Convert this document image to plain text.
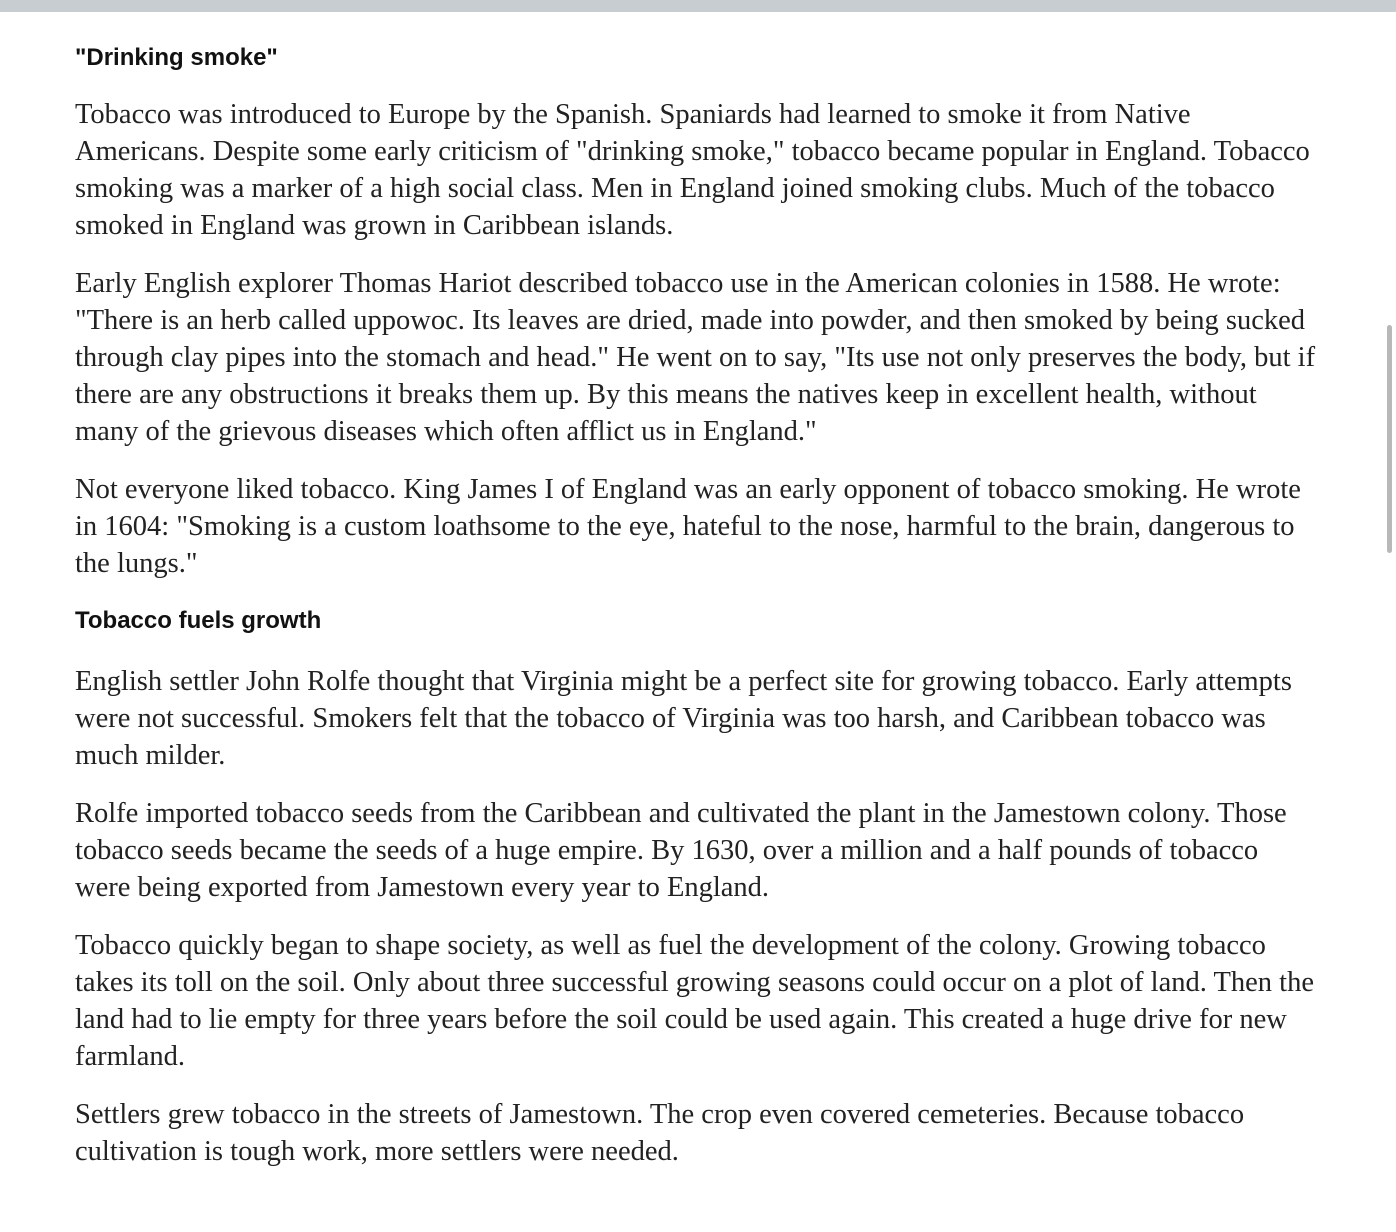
"Drinking smoke"

Tobacco was introduced to Europe by the Spanish. Spaniards had learned to smoke it from Native Americans. Despite some early criticism of "drinking smoke," tobacco became popular in England. Tobacco smoking was a marker of a high social class. Men in England joined smoking clubs. Much of the tobacco smoked in England was grown in Caribbean islands.

Early English explorer Thomas Hariot described tobacco use in the American colonies in 1588. He wrote: "There is an herb called uppowoc. Its leaves are dried, made into powder, and then smoked by being sucked through clay pipes into the stomach and head." He went on to say, "Its use not only preserves the body, but if there are any obstructions it breaks them up. By this means the natives keep in excellent health, without many of the grievous diseases which often afflict us in England."

Not everyone liked tobacco. King James I of England was an early opponent of tobacco smoking. He wrote in 1604: "Smoking is a custom loathsome to the eye, hateful to the nose, harmful to the brain, dangerous to the lungs."

Tobacco fuels growth

English settler John Rolfe thought that Virginia might be a perfect site for growing tobacco. Early attempts were not successful. Smokers felt that the tobacco of Virginia was too harsh, and Caribbean tobacco was much milder.

Rolfe imported tobacco seeds from the Caribbean and cultivated the plant in the Jamestown colony. Those tobacco seeds became the seeds of a huge empire. By 1630, over a million and a half pounds of tobacco were being exported from Jamestown every year to England.

Tobacco quickly began to shape society, as well as fuel the development of the colony. Growing tobacco takes its toll on the soil. Only about three successful growing seasons could occur on a plot of land. Then the land had to lie empty for three years before the soil could be used again. This created a huge drive for new farmland.

Settlers grew tobacco in the streets of Jamestown. The crop even covered cemeteries. Because tobacco cultivation is tough work, more settlers were needed.
